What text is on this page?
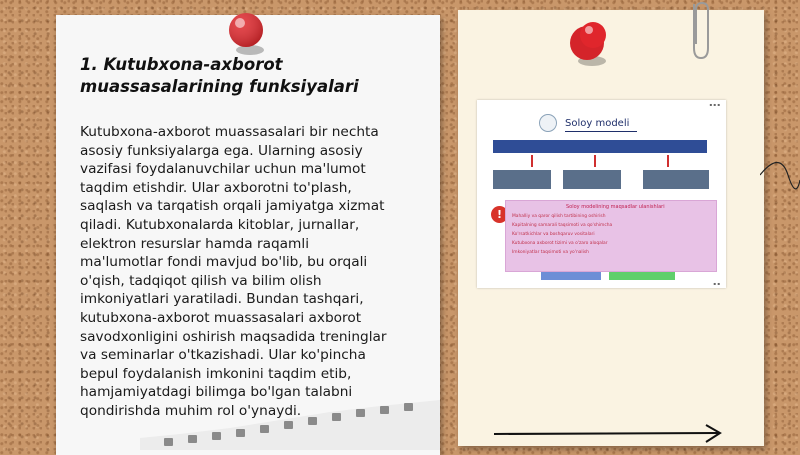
1. Kutubxona-axborot
muassasalarining funksiyalari
Kutubxona-axborot muassasalari bir nechta
asosiy funksiyalarga ega. Ularning asosiy
vazifasi foydalanuvchilar uchun ma'lumot
taqdim etishdir. Ular axborotni to'plash,
saqlash va tarqatish orqali jamiyatga xizmat
qiladi. Kutubxonalarda kitoblar, jurnallar,
elektron resurslar hamda raqamli
ma'lumotlar fondi mavjud bo'lib, bu orqali
o'qish, tadqiqot qilish va bilim olish
imkoniyatlari yaratiladi. Bundan tashqari,
kutubxona-axborot muassasalari axborot
savodxonligini oshirish maqsadida treninglar
va seminarlar o'tkazishadi. Ular ko'pincha
bepul foydalanish imkonini taqdim etib,
hamjamiyatdagi bilimga bo'lgan talabni
qondirishda muhim rol o'ynaydi.
▪ ▪ ▪
Soloy modeli
!
Soloy modelining maqsadlar ulanishlari
Mahalliy va qaror qilish tartibining oshirish
Kapitalning samarali taqsimoti va qo'shimcha
Ko'rsatkichlar va boshqaruv vositalari
Kutubxona axborot tizimi va o'zaro aloqalar
Imkoniyatlar taqsimoti va yo'nalish
▪ ▪
